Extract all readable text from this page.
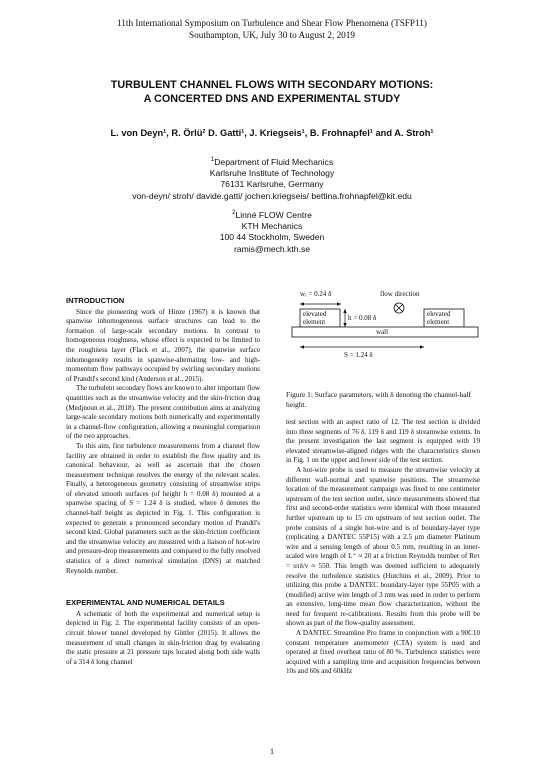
11th International Symposium on Turbulence and Shear Flow Phenomena (TSFP11)
Southampton, UK, July 30 to August 2, 2019
TURBULENT CHANNEL FLOWS WITH SECONDARY MOTIONS:
A CONCERTED DNS AND EXPERIMENTAL STUDY
L. von Deyn¹, R. Örlü² D. Gatti¹, J. Kriegseis¹, B. Frohnapfel¹ and A. Stroh¹
$^1$Department of Fluid Mechanics
Karlsruhe Institute of Technology
76131 Karlsruhe, Germany
von-deyn/ stroh/ davide.gatti/ jochen.kriegseis/ bettina.frohnapfel@kit.edu
$^2$Linné FLOW Centre
KTH Mechanics
100 44 Stockholm, Sweden
ramis@mech.kth.se
INTRODUCTION

Since the pioneering work of Hinze (1967) it is known that spanwise inhomogeneous surface structures can lead to the formation of large-scale secondary motions. In contrast to homogeneous roughness, whose effect is expected to be limited to the roughness layer (Flack et al., 2007), the spanwise surface inhomogeneity results in spanwise-alternating low- and high-momentum flow pathways occupied by swirling secondary motions of Prandtl's second kind (Anderson et al., 2015).

The turbulent secondary flows are known to alter important flow quantities such as the streamwise velocity and the skin-friction drag (Medjnoun et al., 2018). The present contribution aims at analyzing large-scale secondary motions both numerically and experimentally in a channel-flow configuration, allowing a meaningful comparison of the two approaches.

To this aim, first turbulence measurements from a channel flow facility are obtained in order to establish the flow quality and its canonical behaviour, as well as ascertain that the chosen measurement technique resolves the energy of the relevant scales. Finally, a heterogeneous geometry consisting of streamwise strips of elevated smooth surfaces (of height h = 0.08 δ) mounted at a spanwise spacing of S = 1.24 δ is studied, where δ denotes the channel-half height as depicted in Fig. 1. This configuration is expected to generate a pronounced secondary motion of Prandtl's second kind. Global parameters such as the skin-friction coefficient and the streamwise velocity are measured with a liaison of hot-wire and pressure-drop measurements and compared to the fully resolved statistics of a direct numerical simulation (DNS) at matched Reynolds number.

EXPERIMENTAL AND NUMERICAL DETAILS

A schematic of both the experimental and numerical setup is depicted in Fig. 2. The experimental facility consists of an open-circuit blower tunnel developed by Güttler (2015). It allows the measurement of small changes in skin-friction drag by evaluating the static pressure at 21 pressure taps located along both side walls of a 314 δ long channel

wᵣ = 0.24 δ	flow direction
elevated
element	h = 0.08 δ	elevated
element
wall
S = 1.24 δ
Figure 1: Surface parameters, with δ denoting the channel-half height.

test section with an aspect ratio of 12. The test section is divided into three segments of 76 δ, 119 δ and 119 δ streamwise extents. In the present investigation the last segment is equipped with 19 elevated streamwise-aligned ridges with the characteristics shown in Fig. 1 on the upper and lower side of the test section.

A hot-wire probe is used to measure the streamwise velocity at different wall-normal and spanwise positions. The streamwise location of the measurement campaign was fixed to one centimeter upstream of the test section outlet, since measurements showed that first and second-order statistics were identical with those measured further upstream up to 15 cm upstream of test section outlet. The probe consists of a single hot-wire and is of boundary-layer type (replicating a DANTEC 55P15) with a 2.5 μm diameter Platinum wire and a sensing length of about 0.5 mm, resulting in an inner-scaled wire length of L⁺ ≈ 20 at a friction Reynolds number of Reτ = uτδ/ν ≈ 550. This length was deemed sufficient to adequately resolve the turbulence statistics (Hutchins et al., 2009). Prior to utilizing this probe a DANTEC boundary-layer type 55P05 with a (modified) active wire length of 3 mm was used in order to perform an extensive, long-time mean flow characterization, without the need for frequent re-calibrations. Results from this probe will be shown as part of the flow-quality assessment.

A DANTEC Streamline Pro frame in conjunction with a 90C10 constant temperature anemometer (CTA) system is used and operated at fixed overheat ratio of 80 %. Turbulence statistics were acquired with a sampling time and acquisition frequencies between 10s and 60s and 60kHz

1
